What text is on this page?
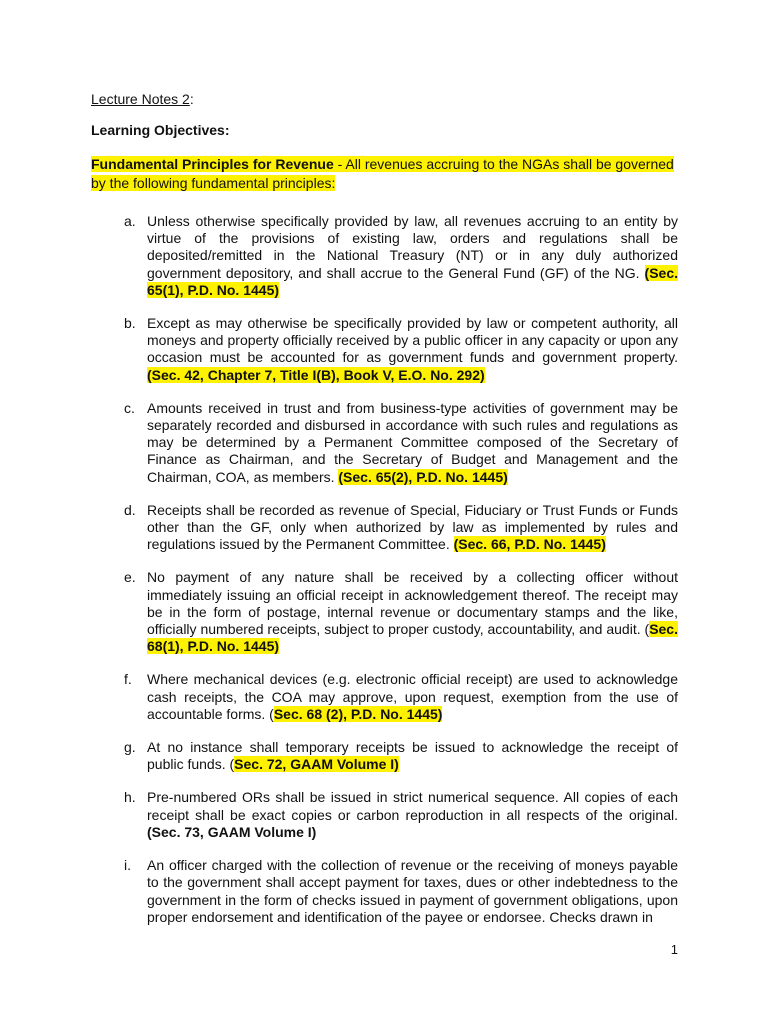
Lecture Notes 2:

Learning Objectives:

Fundamental Principles for Revenue - All revenues accruing to the NGAs shall be governed by the following fundamental principles:

a. Unless otherwise specifically provided by law, all revenues accruing to an entity by virtue of the provisions of existing law, orders and regulations shall be deposited/remitted in the National Treasury (NT) or in any duly authorized government depository, and shall accrue to the General Fund (GF) of the NG. (Sec. 65(1), P.D. No. 1445)
b. Except as may otherwise be specifically provided by law or competent authority, all moneys and property officially received by a public officer in any capacity or upon any occasion must be accounted for as government funds and government property. (Sec. 42, Chapter 7, Title I(B), Book V, E.O. No. 292)
c. Amounts received in trust and from business-type activities of government may be separately recorded and disbursed in accordance with such rules and regulations as may be determined by a Permanent Committee composed of the Secretary of Finance as Chairman, and the Secretary of Budget and Management and the Chairman, COA, as members. (Sec. 65(2), P.D. No. 1445)
d. Receipts shall be recorded as revenue of Special, Fiduciary or Trust Funds or Funds other than the GF, only when authorized by law as implemented by rules and regulations issued by the Permanent Committee. (Sec. 66, P.D. No. 1445)
e. No payment of any nature shall be received by a collecting officer without immediately issuing an official receipt in acknowledgement thereof. The receipt may be in the form of postage, internal revenue or documentary stamps and the like, officially numbered receipts, subject to proper custody, accountability, and audit. (Sec. 68(1), P.D. No. 1445)
f. Where mechanical devices (e.g. electronic official receipt) are used to acknowledge cash receipts, the COA may approve, upon request, exemption from the use of accountable forms. (Sec. 68 (2), P.D. No. 1445)
g. At no instance shall temporary receipts be issued to acknowledge the receipt of public funds. (Sec. 72, GAAM Volume I)
h. Pre-numbered ORs shall be issued in strict numerical sequence. All copies of each receipt shall be exact copies or carbon reproduction in all respects of the original. (Sec. 73, GAAM Volume I)
i. An officer charged with the collection of revenue or the receiving of moneys payable to the government shall accept payment for taxes, dues or other indebtedness to the government in the form of checks issued in payment of government obligations, upon proper endorsement and identification of the payee or endorsee. Checks drawn in
1
